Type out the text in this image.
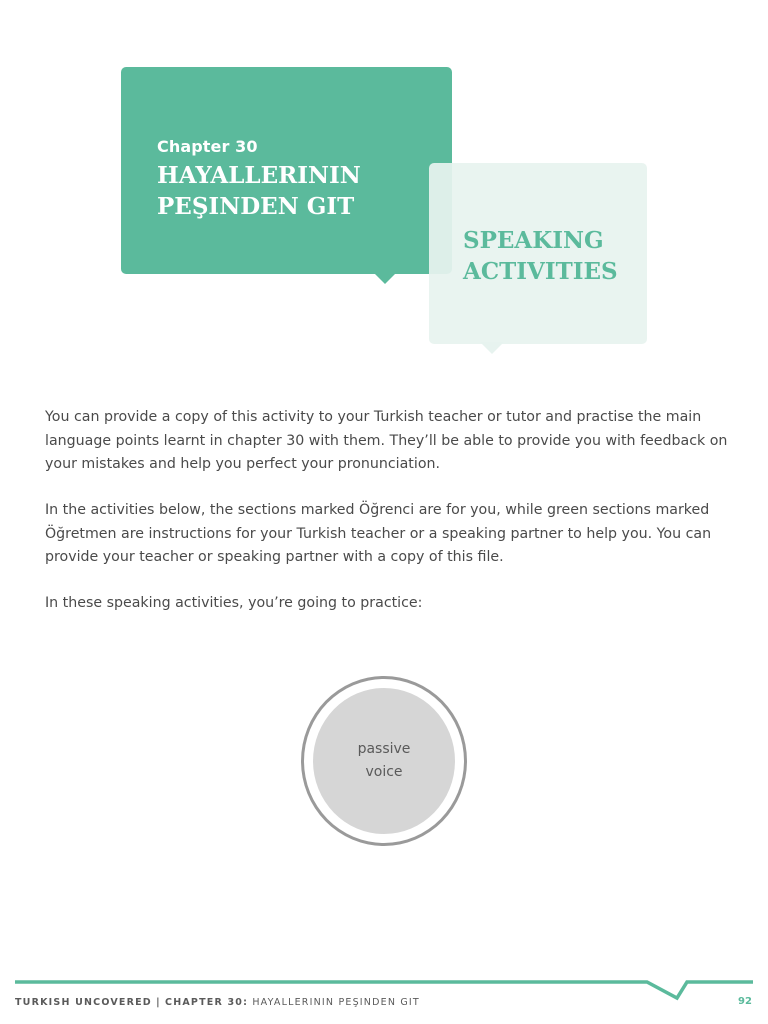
Chapter 30
HAYALLERININ PEŞINDEN GIT
SPEAKING ACTIVITIES

You can provide a copy of this activity to your Turkish teacher or tutor and practise the main language points learnt in chapter 30 with them. They’ll be able to provide you with feedback on your mistakes and help you perfect your pronunciation.

In the activities below, the sections marked Öğrenci are for you, while green sections marked Öğretmen are instructions for your Turkish teacher or a speaking partner to help you. You can provide your teacher or speaking partner with a copy of this file.

In these speaking activities, you’re going to practice:

passive voice
TURKISH UNCOVERED | CHAPTER 30: HAYALLERININ PEŞINDEN GIT	92
